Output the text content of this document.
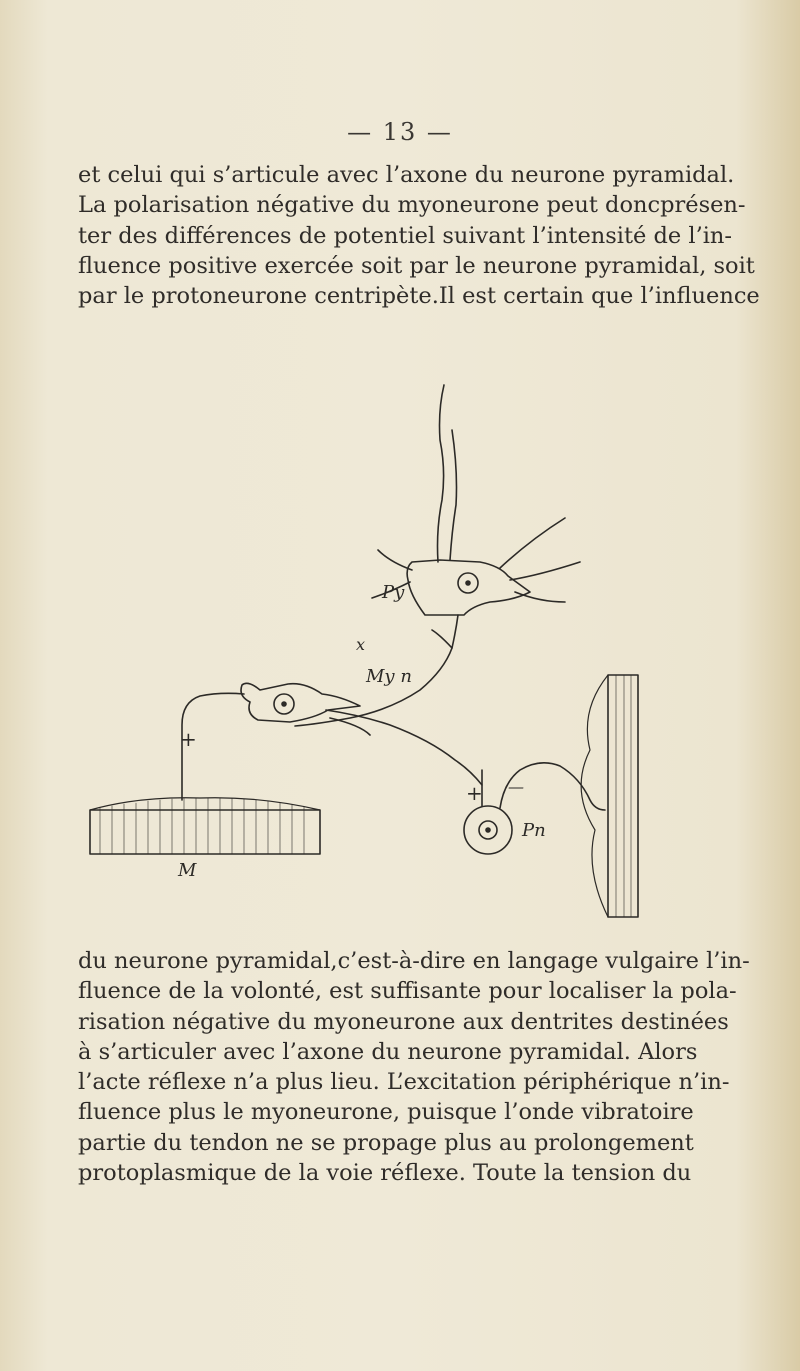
— 13 —

et celui qui s’articule avec l’axone du neurone pyramidal.
La polarisation négative du myoneurone peut doncprésen-
ter des différences de potentiel suivant l’intensité de l’in-
fluence positive exercée soit par le neurone pyramidal, soit
par le protoneurone centripète.Il est certain que l’influence

Py
x
My n
+
+ —
Pn
M

du neurone pyramidal,c’est-à-dire en langage vulgaire l’in-
fluence de la volonté, est suffisante pour localiser la pola-
risation négative du myoneurone aux dentrites destinées
à s’articuler avec l’axone du neurone pyramidal. Alors
l’acte réflexe n’a plus lieu. L’excitation périphérique n’in-
fluence plus le myoneurone, puisque l’onde vibratoire
partie du tendon ne se propage plus au prolongement
protoplasmique de la voie réflexe. Toute la tension du
